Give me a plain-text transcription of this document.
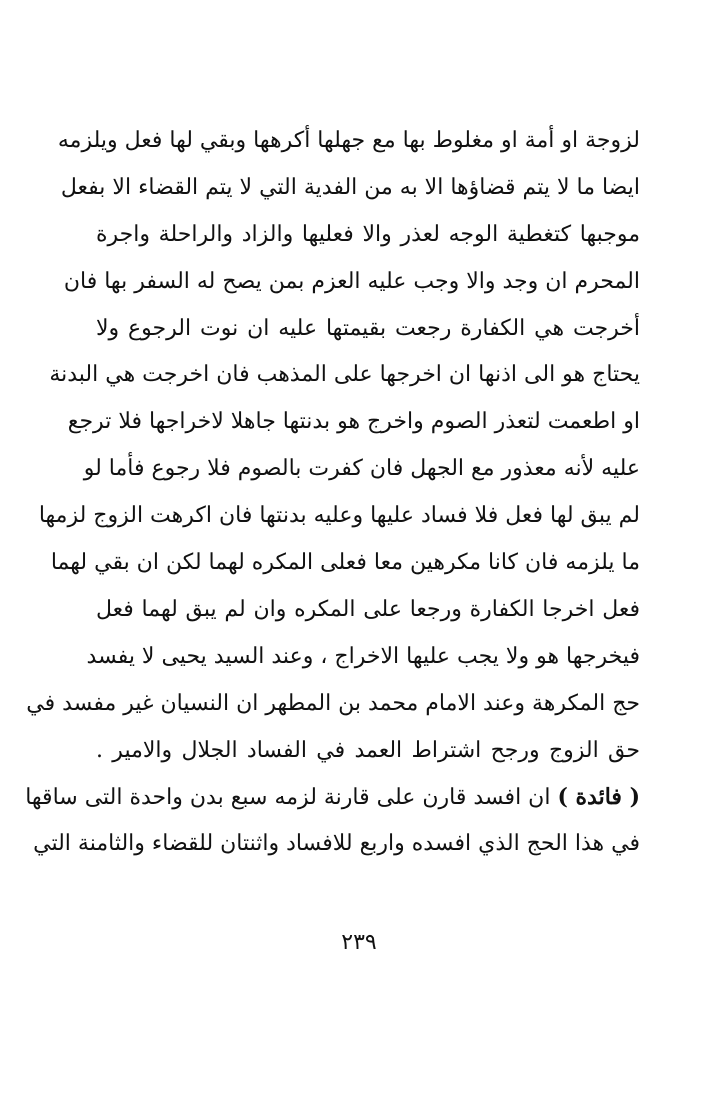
لزوجة او أمة او مغلوط بها مع جهلها أكرهها وبقي لها فعل ويلزمه
ايضا ما لا يتم قضاؤها الا به من الفدية التي لا يتم القضاء الا بفعل
موجبها كتغطية الوجه لعذر والا فعليها والزاد والراحلة واجرة
المحرم ان وجد والا وجب عليه العزم بمن يصح له السفر بها فان
أخرجت هي الكفارة رجعت بقيمتها عليه ان نوت الرجوع ولا
يحتاج هو الى اذنها ان اخرجها على المذهب فان اخرجت هي البدنة
او اطعمت لتعذر الصوم واخرج هو بدنتها جاهلا لاخراجها فلا ترجع
عليه لأنه معذور مع الجهل فان كفرت بالصوم فلا رجوع فأما لو
لم يبق لها فعل فلا فساد عليها وعليه بدنتها فان اكرهت الزوج لزمها
ما يلزمه فان كانا مكرهين معا فعلى المكره لهما لكن ان بقي لهما
فعل اخرجا الكفارة ورجعا على المكره وان لم يبق لهما فعل
فيخرجها هو ولا يجب عليها الاخراج ، وعند السيد يحيى لا يفسد
حج المكرهة وعند الامام محمد بن المطهر ان النسيان غير مفسد في
حق الزوج ورجح اشتراط العمد في الفساد الجلال والامير .
( فائدة ) ان افسد قارن على قارنة لزمه سبع بدن واحدة التى ساقها
في هذا الحج الذي افسده واربع للافساد واثنتان للقضاء والثامنة التي
٢٣٩
